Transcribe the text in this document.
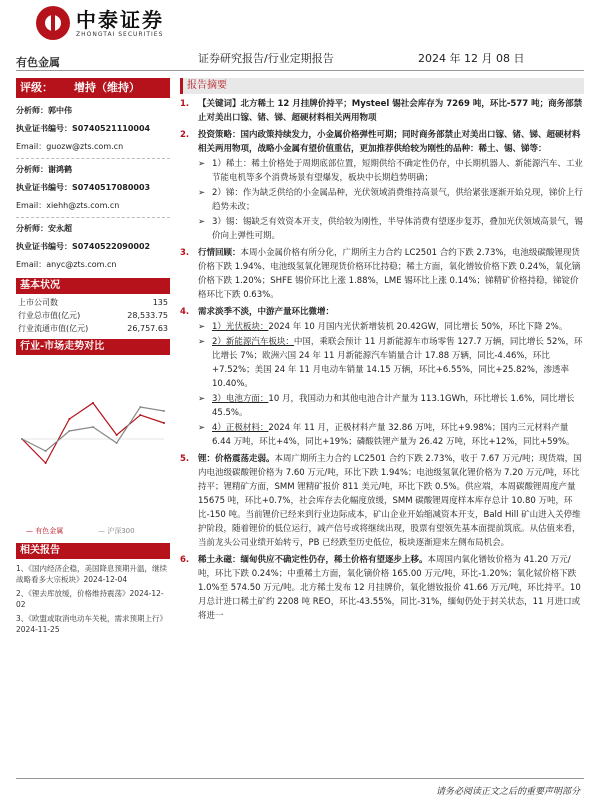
中泰证券
ZHONGTAI SECURITIES
有色金属	证券研究报告/行业定期报告	2024 年 12 月 08 日
评级： 增持（维持）
分析师：郭中伟
执业证书编号：S0740521110004
Email：guozw@zts.com.cn
分析师：谢鸿鹤
执业证书编号：S0740517080003
Email：xiehh@zts.com.cn
分析师：安永超
执业证书编号：S0740522090002
Email：anyc@zts.com.cn
基本状况
上市公司数	135
行业总市值(亿元)	28,533.75
行业流通市值(亿元)	26,757.63
行业-市场走势对比
— 有色金属	— 沪深300
相关报告
1、《国内经济企稳，美国降息预期升温，继续战略看多大宗板块》2024-12-04
2、《锂去库放缓，价格维持震荡》2024-12-02
3、《欧盟或取消电动车关税，需求预期上行》2024-11-25
报告摘要
1.	【关键词】北方稀土 12 月挂牌价持平；Mysteel 锡社会库存为 7269 吨，环比-577 吨；商务部禁止对美出口镓、锗、锑、超硬材料相关两用物项
2.	投资策略：国内政策持续发力，小金属价格弹性可期；同时商务部禁止对美出口镓、锗、锑、超硬材料相关两用物项，战略小金属有望价值重估，更加推荐供给较为刚性的品种：稀土、锡、锑等：
➢ 1）稀土：稀土价格处于周期底部位置，短期供给不确定性仍存，中长期机器人、新能源汽车、工业节能电机等多个消费场景有望爆发，板块中长期趋势明确；
➢ 2）锑：作为缺乏供给的小金属品种，光伏领域消费维持高景气，供给紧张逐渐开始兑现，锑价上行趋势未改；
➢ 3）锡：锡缺乏有效资本开支，供给较为刚性，半导体消费有望逐步复苏，叠加光伏领域高景气，锡价向上弹性可期。
3.	行情回顾：本周小金属价格有所分化，广期所主力合约 LC2501 合约下跌 2.73%，电池级碳酸锂现货价格下跌 1.94%、电池级氢氧化锂现货价格环比持稳；稀土方面，氧化镨钕价格下跌 0.24%，氧化镝价格下跌 1.20%；SHFE 锡价环比上涨 1.88%，LME 锡环比上涨 0.14%；锑精矿价格持稳，锑锭价格环比下跌 0.63%。
4.	需求淡季不淡，中游产量环比微增：
➢ 1）光伏板块：2024 年 10 月国内光伏新增装机 20.42GW，同比增长 50%，环比下降 2%。
➢ 2）新能源汽车板块：中国，乘联会预计 11 月新能源车市场零售 127.7 万辆，同比增长 52%，环比增长 7%；欧洲六国 24 年 11 月新能源汽车销量合计 17.88 万辆，同比-4.46%，环比+7.52%；美国 24 年 11 月电动车销量 14.15 万辆，环比+6.55%，同比+25.82%，渗透率 10.40%。
➢ 3）电池方面：10 月，我国动力和其他电池合计产量为 113.1GWh，环比增长 1.6%，同比增长 45.5%。
➢ 4）正极材料：2024 年 11 月，正极材料产量 32.86 万吨，环比+9.98%；国内三元材料产量 6.44 万吨，环比+4%，同比+19%；磷酸铁锂产量为 26.42 万吨，环比+12%，同比+59%。
5.	锂：价格震荡走弱。本周广期所主力合约 LC2501 合约下跌 2.73%，收于 7.67 万元/吨；现货端，国内电池级碳酸锂价格为 7.60 万元/吨，环比下跌 1.94%；电池级氢氧化锂价格为 7.20 万元/吨，环比持平；锂精矿方面，SMM 锂精矿报价 811 美元/吨，环比下跌 0.5%。供应端，本周碳酸锂周度产量 15675 吨，环比+0.7%，社会库存去化幅度放缓，SMM 碳酸锂周度样本库存总计 10.80 万吨，环比-150 吨。当前锂价已经来到行业边际成本，矿山企业开始缩减资本开支，Bald Hill 矿山进入关停维护阶段，随着锂价的低位运行，减产信号或将继续出现，股票有望领先基本面提前筑底。从估值来看，当前龙头公司业绩开始转亏，PB 已经跌至历史低位，板块逐渐迎来左侧布局机会。
6.	稀土永磁：缅甸供应不确定性仍存，稀土价格有望逐步上移。本周国内氧化镨钕价格为 41.20 万元/吨，环比下跌 0.24%；中重稀土方面，氧化镝价格 165.00 万元/吨，环比-1.20%；氧化铽价格下跌 1.0%至 574.50 万元/吨。北方稀土发布 12 月挂牌价，氧化镨钕报价 41.66 万元/吨，环比持平。10 月总计进口稀土矿约 2208 吨 REO，环比-43.55%，同比-31%，缅甸仍处于封关状态，11 月进口或将进一
请务必阅读正文之后的重要声明部分
